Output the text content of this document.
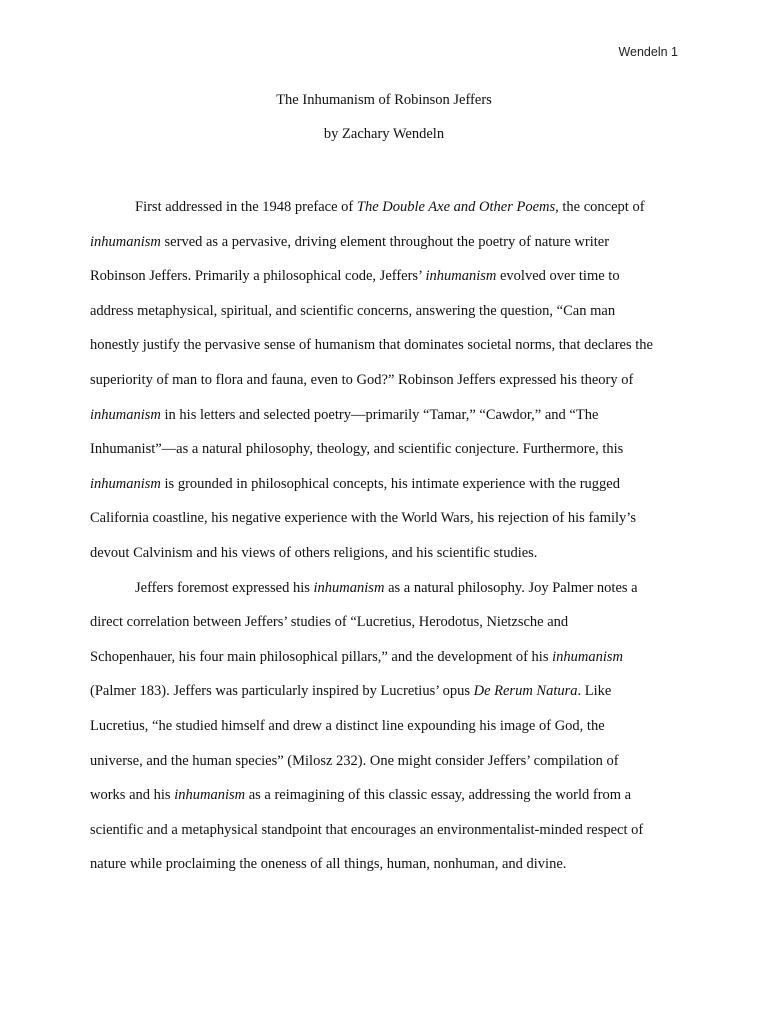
Wendeln 1
The Inhumanism of Robinson Jeffers
by Zachary Wendeln
First addressed in the 1948 preface of The Double Axe and Other Poems, the concept of
inhumanism served as a pervasive, driving element throughout the poetry of nature writer
Robinson Jeffers. Primarily a philosophical code, Jeffers’ inhumanism evolved over time to
address metaphysical, spiritual, and scientific concerns, answering the question, “Can man
honestly justify the pervasive sense of humanism that dominates societal norms, that declares the
superiority of man to flora and fauna, even to God?” Robinson Jeffers expressed his theory of
inhumanism in his letters and selected poetry—primarily “Tamar,” “Cawdor,” and “The
Inhumanist”—as a natural philosophy, theology, and scientific conjecture. Furthermore, this
inhumanism is grounded in philosophical concepts, his intimate experience with the rugged
California coastline, his negative experience with the World Wars, his rejection of his family’s
devout Calvinism and his views of others religions, and his scientific studies.
Jeffers foremost expressed his inhumanism as a natural philosophy. Joy Palmer notes a
direct correlation between Jeffers’ studies of “Lucretius, Herodotus, Nietzsche and
Schopenhauer, his four main philosophical pillars,” and the development of his inhumanism
(Palmer 183). Jeffers was particularly inspired by Lucretius’ opus De Rerum Natura. Like
Lucretius, “he studied himself and drew a distinct line expounding his image of God, the
universe, and the human species” (Milosz 232). One might consider Jeffers’ compilation of
works and his inhumanism as a reimagining of this classic essay, addressing the world from a
scientific and a metaphysical standpoint that encourages an environmentalist-minded respect of
nature while proclaiming the oneness of all things, human, nonhuman, and divine.
